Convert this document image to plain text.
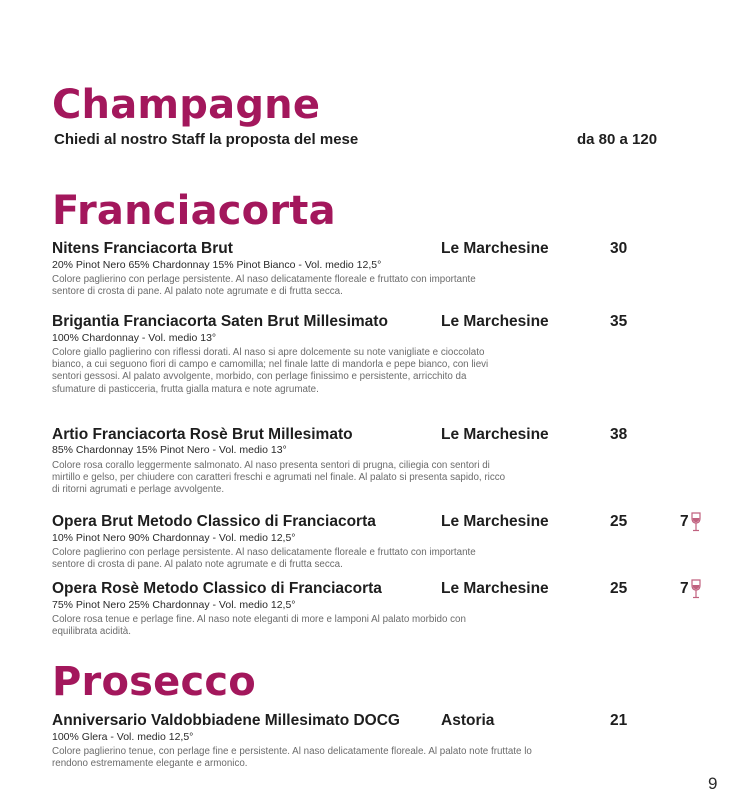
Champagne
Chiedi al nostro Staff la proposta del mese	da 80 a 120
Franciacorta
Nitens Franciacorta Brut	Le Marchesine	30
20% Pinot Nero 65% Chardonnay 15% Pinot Bianco - Vol. medio 12,5°
Colore paglierino con perlage persistente. Al naso delicatamente floreale e fruttato con importante sentore di crosta di pane. Al palato note agrumate e di frutta secca.
Brigantia Franciacorta Saten Brut Millesimato	Le Marchesine	35
100% Chardonnay - Vol. medio 13°
Colore giallo paglierino con riflessi dorati. Al naso si apre dolcemente su note vanigliate e cioccolato bianco, a cui seguono fiori di campo e camomilla; nel finale latte di mandorla e pepe bianco, con lievi sentori gessosi. Al palato avvolgente, morbido, con perlage finissimo e persistente, arricchito da sfumature di pasticceria, frutta gialla matura e note agrumate.
Artio Franciacorta Rosè Brut Millesimato	Le Marchesine	38
85% Chardonnay 15% Pinot Nero - Vol. medio 13°
Colore rosa corallo leggermente salmonato. Al naso presenta sentori di prugna, ciliegia con sentori di mirtillo e gelso, per chiudere con caratteri freschi e agrumati nel finale. Al palato si presenta sapido, ricco di ritorni agrumati e perlage avvolgente.
Opera Brut Metodo Classico di Franciacorta	Le Marchesine	25	7
10% Pinot Nero 90% Chardonnay - Vol. medio 12,5°
Colore paglierino con perlage persistente. Al naso delicatamente floreale e fruttato con importante sentore di crosta di pane. Al palato note agrumate e di frutta secca.
Opera Rosè Metodo Classico di Franciacorta	Le Marchesine	25	7
75% Pinot Nero 25% Chardonnay - Vol. medio 12,5°
Colore rosa tenue e perlage fine. Al naso note eleganti di more e lamponi Al palato morbido con equilibrata acidità.
Prosecco
Anniversario Valdobbiadene Millesimato DOCG	Astoria	21
100% Glera - Vol. medio 12,5°
Colore paglierino tenue, con perlage fine e persistente. Al naso delicatamente floreale. Al palato note fruttate lo rendono estremamente elegante e armonico.
9
